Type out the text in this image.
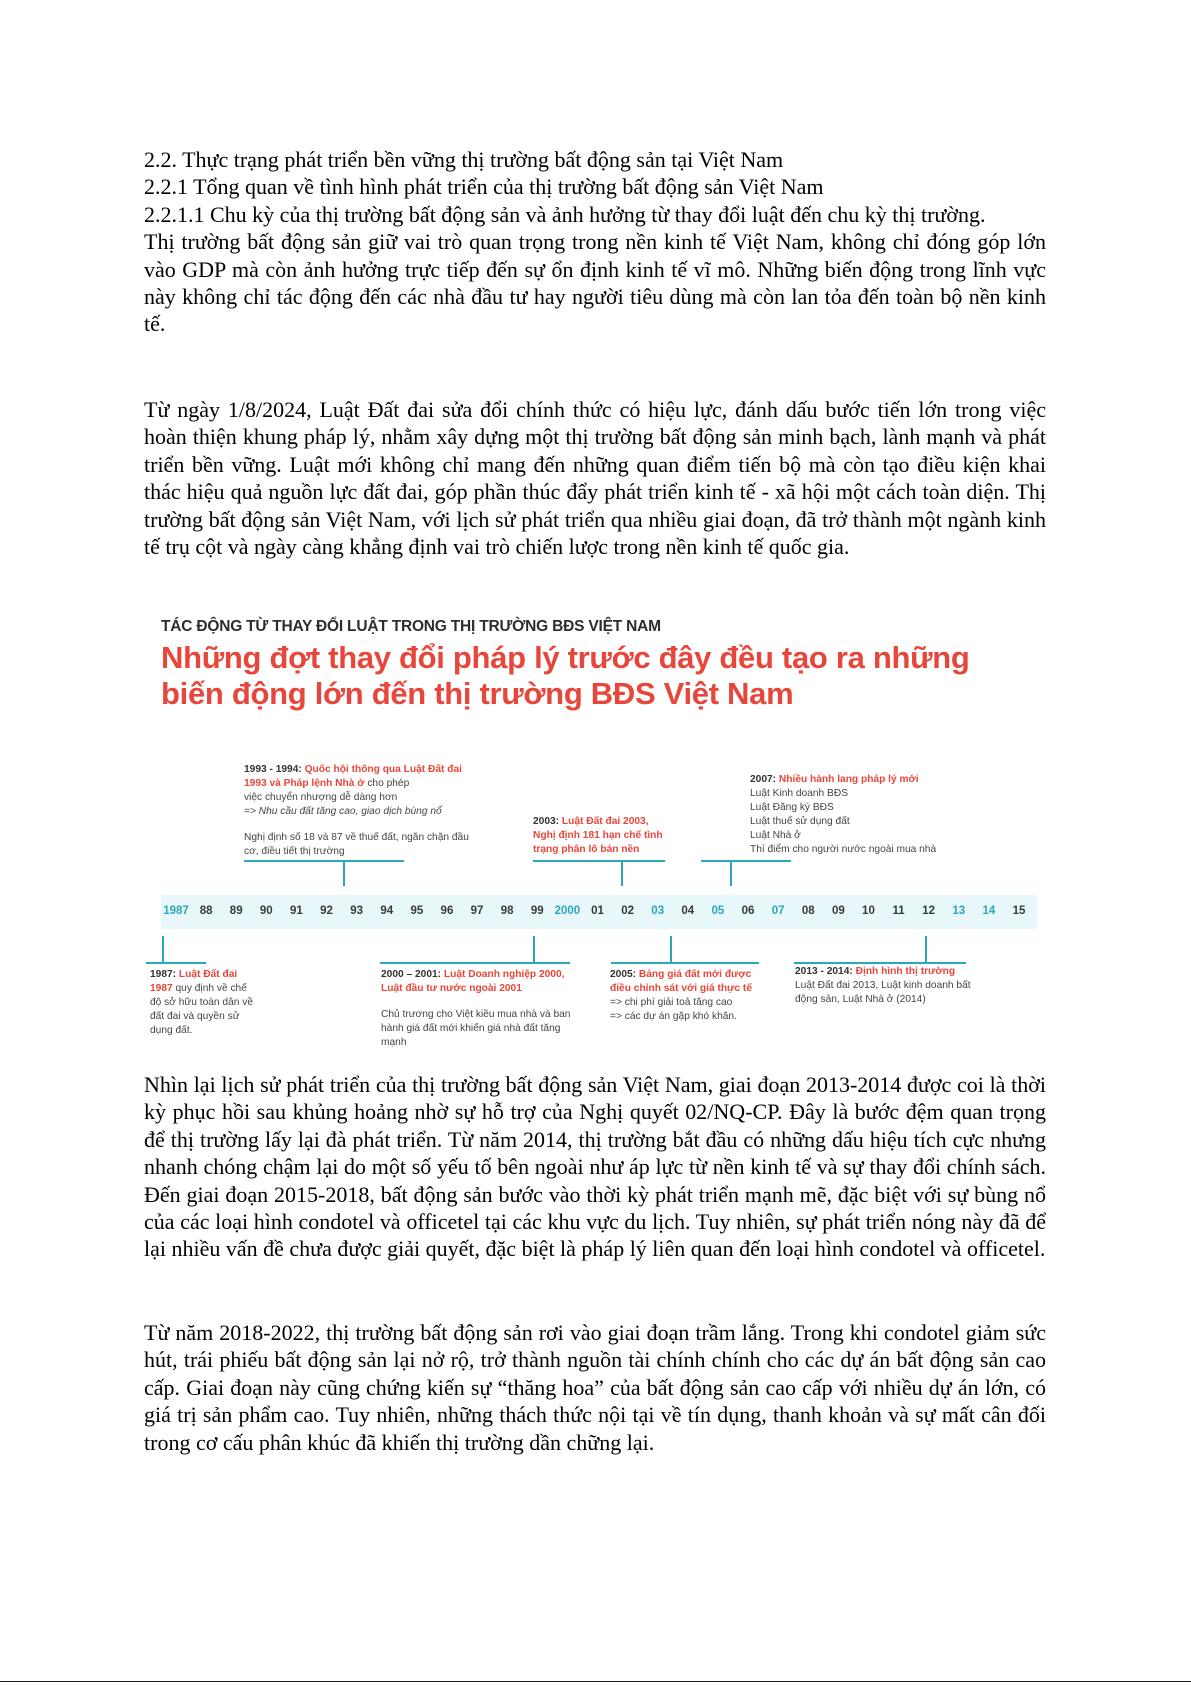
2.2. Thực trạng phát triển bền vững thị trường bất động sản tại Việt Nam

2.2.1 Tổng quan về tình hình phát triển của thị trường bất động sản Việt Nam

2.2.1.1 Chu kỳ của thị trường bất động sản và ảnh hưởng từ thay đổi luật đến chu kỳ thị trường.

Thị trường bất động sản giữ vai trò quan trọng trong nền kinh tế Việt Nam, không chỉ đóng góp lớn vào GDP mà còn ảnh hưởng trực tiếp đến sự ổn định kinh tế vĩ mô. Những biến động trong lĩnh vực này không chỉ tác động đến các nhà đầu tư hay người tiêu dùng mà còn lan tỏa đến toàn bộ nền kinh tế.

Từ ngày 1/8/2024, Luật Đất đai sửa đổi chính thức có hiệu lực, đánh dấu bước tiến lớn trong việc hoàn thiện khung pháp lý, nhằm xây dựng một thị trường bất động sản minh bạch, lành mạnh và phát triển bền vững. Luật mới không chỉ mang đến những quan điểm tiến bộ mà còn tạo điều kiện khai thác hiệu quả nguồn lực đất đai, góp phần thúc đẩy phát triển kinh tế - xã hội một cách toàn diện. Thị trường bất động sản Việt Nam, với lịch sử phát triển qua nhiều giai đoạn, đã trở thành một ngành kinh tế trụ cột và ngày càng khẳng định vai trò chiến lược trong nền kinh tế quốc gia.

TÁC ĐỘNG TỪ THAY ĐỔI LUẬT TRONG THỊ TRƯỜNG BĐS VIỆT NAM
Những đợt thay đổi pháp lý trước đây đều tạo ra những
biến động lớn đến thị trường BĐS Việt Nam

1993 - 1994: Quốc hội thông qua Luật Đất đai 1993 và Pháp lệnh Nhà ở cho phép

việc chuyển nhượng dễ dàng hơn

=> Nhu cầu đất tăng cao, giao dịch bùng nổ

Nghị định số 18 và 87 về thuế đất, ngăn chặn đầu cơ, điều tiết thị trường

2003: Luật Đất đai 2003,

Nghị định 181 hạn chế tình trạng phân lô bán nền

2007: Nhiều hành lang pháp lý mới

Luật Kinh doanh BĐS

Luật Đăng ký BĐS

Luật thuế sử dụng đất

Luật Nhà ở

Thí điểm cho người nước ngoài mua nhà

1987 88 89 90 91 92 93 94 95 96 97 98 99 2000 01 02 03 04 05 06 07 08 09 10 11 12 13 14 15

1987: Luật Đất đai

1987 quy định về chế độ sở hữu toàn dân về đất đai và quyền sử dụng đất.

2000 – 2001: Luật Doanh nghiệp 2000, Luật đầu tư nước ngoài 2001

Chủ trương cho Việt kiều mua nhà và ban hành giá đất mới khiến giá nhà đất tăng mạnh

2005: Bảng giá đất mới được điều chỉnh sát với giá thực tế

=> chi phí giải toả tăng cao

=> các dự án gặp khó khăn.

2013 - 2014: Định hình thị trường

Luật Đất đai 2013, Luật kinh doanh bất động sản, Luật Nhà ở (2014)

Nhìn lại lịch sử phát triển của thị trường bất động sản Việt Nam, giai đoạn 2013-2014 được coi là thời kỳ phục hồi sau khủng hoảng nhờ sự hỗ trợ của Nghị quyết 02/NQ-CP. Đây là bước đệm quan trọng để thị trường lấy lại đà phát triển. Từ năm 2014, thị trường bắt đầu có những dấu hiệu tích cực nhưng nhanh chóng chậm lại do một số yếu tố bên ngoài như áp lực từ nền kinh tế và sự thay đổi chính sách. Đến giai đoạn 2015-2018, bất động sản bước vào thời kỳ phát triển mạnh mẽ, đặc biệt với sự bùng nổ của các loại hình condotel và officetel tại các khu vực du lịch. Tuy nhiên, sự phát triển nóng này đã để lại nhiều vấn đề chưa được giải quyết, đặc biệt là pháp lý liên quan đến loại hình condotel và officetel.

Từ năm 2018-2022, thị trường bất động sản rơi vào giai đoạn trầm lắng. Trong khi condotel giảm sức hút, trái phiếu bất động sản lại nở rộ, trở thành nguồn tài chính chính cho các dự án bất động sản cao cấp. Giai đoạn này cũng chứng kiến sự “thăng hoa” của bất động sản cao cấp với nhiều dự án lớn, có giá trị sản phẩm cao. Tuy nhiên, những thách thức nội tại về tín dụng, thanh khoản và sự mất cân đối trong cơ cấu phân khúc đã khiến thị trường dần chững lại.
